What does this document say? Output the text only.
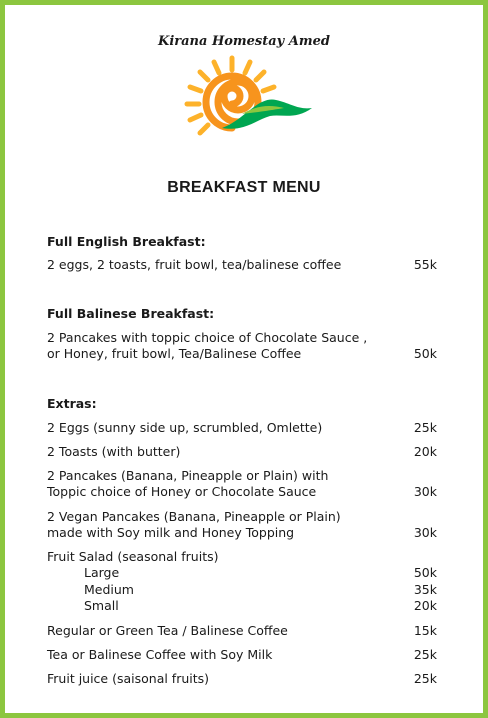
Kirana Homestay Amed
BREAKFAST MENU
Full English Breakfast:
2 eggs, 2 toasts, fruit bowl, tea/balinese coffee	55k
Full Balinese Breakfast:
2 Pancakes with toppic choice of Chocolate Sauce ,
or Honey, fruit bowl, Tea/Balinese Coffee	50k
Extras:
2 Eggs (sunny side up, scrumbled, Omlette)	25k
2 Toasts (with butter)	20k
2 Pancakes (Banana, Pineapple or Plain) with
Toppic choice of Honey or Chocolate Sauce	30k
2 Vegan Pancakes (Banana, Pineapple or Plain)
made with Soy milk and Honey Topping	30k
Fruit Salad (seasonal fruits)
Large	50k
Medium	35k
Small	20k
Regular or Green Tea / Balinese Coffee	15k
Tea or Balinese Coffee with Soy Milk	25k
Fruit juice (saisonal fruits)	25k
